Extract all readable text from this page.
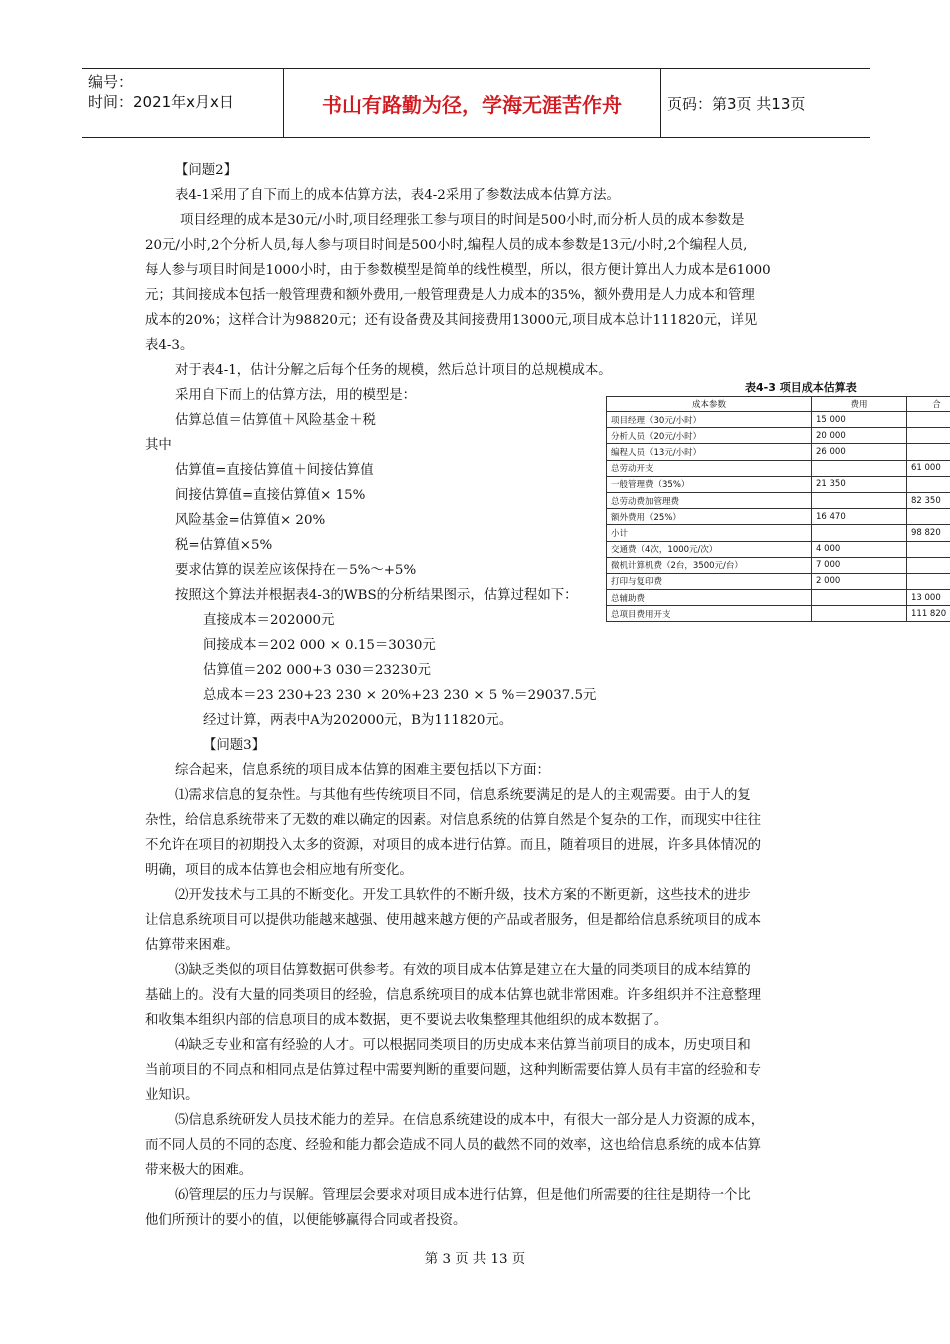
编号：
时间：2021年x月x日	书山有路勤为径，学海无涯苦作舟	页码：第3页 共13页
【问题2】
表4-1采用了自下而上的成本估算方法，表4-2采用了参数法成本估算方法。
项目经理的成本是30元/小时,项目经理张工参与项目的时间是500小时,而分析人员的成本参数是
20元/小时,2个分析人员,每人参与项目时间是500小时,编程人员的成本参数是13元/小时,2个编程人员,
每人参与项目时间是1000小时，由于参数模型是简单的线性模型，所以，很方便计算出人力成本是61000
元；其间接成本包括一般管理费和额外费用,一般管理费是人力成本的35%，额外费用是人力成本和管理
成本的20%；这样合计为98820元；还有设备费及其间接费用13000元,项目成本总计111820元，详见
表4-3。
对于表4-1，估计分解之后每个任务的规模，然后总计项目的总规模成本。
采用自下而上的估算方法，用的模型是：
估算总值＝估算值＋风险基金＋税
其中
估算值=直接估算值＋间接估算值
间接估算值=直接估算值× 15%
风险基金=估算值× 20%
税=估算值×5%
要求估算的误差应该保持在－5%～+5%
按照这个算法并根据表4-3的WBS的分析结果图示，估算过程如下：
直接成本＝202000元
间接成本＝202 000 × 0.15＝3030元
估算值＝202 000+3 030＝23230元
总成本＝23 230+23 230 × 20%+23 230 × 5 %＝29037.5元
经过计算，两表中A为202000元，B为111820元。
【问题3】
综合起来，信息系统的项目成本估算的困难主要包括以下方面：
⑴需求信息的复杂性。与其他有些传统项目不同，信息系统要满足的是人的主观需要。由于人的复
杂性，给信息系统带来了无数的难以确定的因素。对信息系统的估算自然是个复杂的工作，而现实中往往
不允许在项目的初期投入太多的资源，对项目的成本进行估算。而且，随着项目的进展，许多具体情况的
明确，项目的成本估算也会相应地有所变化。
⑵开发技术与工具的不断变化。开发工具软件的不断升级，技术方案的不断更新，这些技术的进步
让信息系统项目可以提供功能越来越强、使用越来越方便的产品或者服务，但是都给信息系统项目的成本
估算带来困难。
⑶缺乏类似的项目估算数据可供参考。有效的项目成本估算是建立在大量的同类项目的成本结算的
基础上的。没有大量的同类项目的经验，信息系统项目的成本估算也就非常困难。许多组织并不注意整理
和收集本组织内部的信息项目的成本数据，更不要说去收集整理其他组织的成本数据了。
⑷缺乏专业和富有经验的人才。可以根据同类项目的历史成本来估算当前项目的成本，历史项目和
当前项目的不同点和相同点是估算过程中需要判断的重要问题，这种判断需要估算人员有丰富的经验和专
业知识。
⑸信息系统研发人员技术能力的差异。在信息系统建设的成本中，有很大一部分是人力资源的成本，
而不同人员的不同的态度、经验和能力都会造成不同人员的截然不同的效率，这也给信息系统的成本估算
带来极大的困难。
⑹管理层的压力与误解。管理层会要求对项目成本进行估算，但是他们所需要的往往是期待一个比
他们所预计的要小的值，以便能够赢得合同或者投资。
表4-3 项目成本估算表
成本参数	费用	合
项目经理（30元/小时）	15 000	
分析人员（20元/小时）	20 000	
编程人员（13元/小时）	26 000	
总劳动开支		61 000
一般管理费（35%）	21 350	
总劳动费加管理费		82 350
额外费用（25%）	16 470	
小计		98 820
交通费（4次，1000元/次）	4 000	
微机计算机费（2台，3500元/台）	7 000	
打印与复印费	2 000	
总辅助费		13 000
总项目费用开支		111 820
第 3 页 共 13 页
